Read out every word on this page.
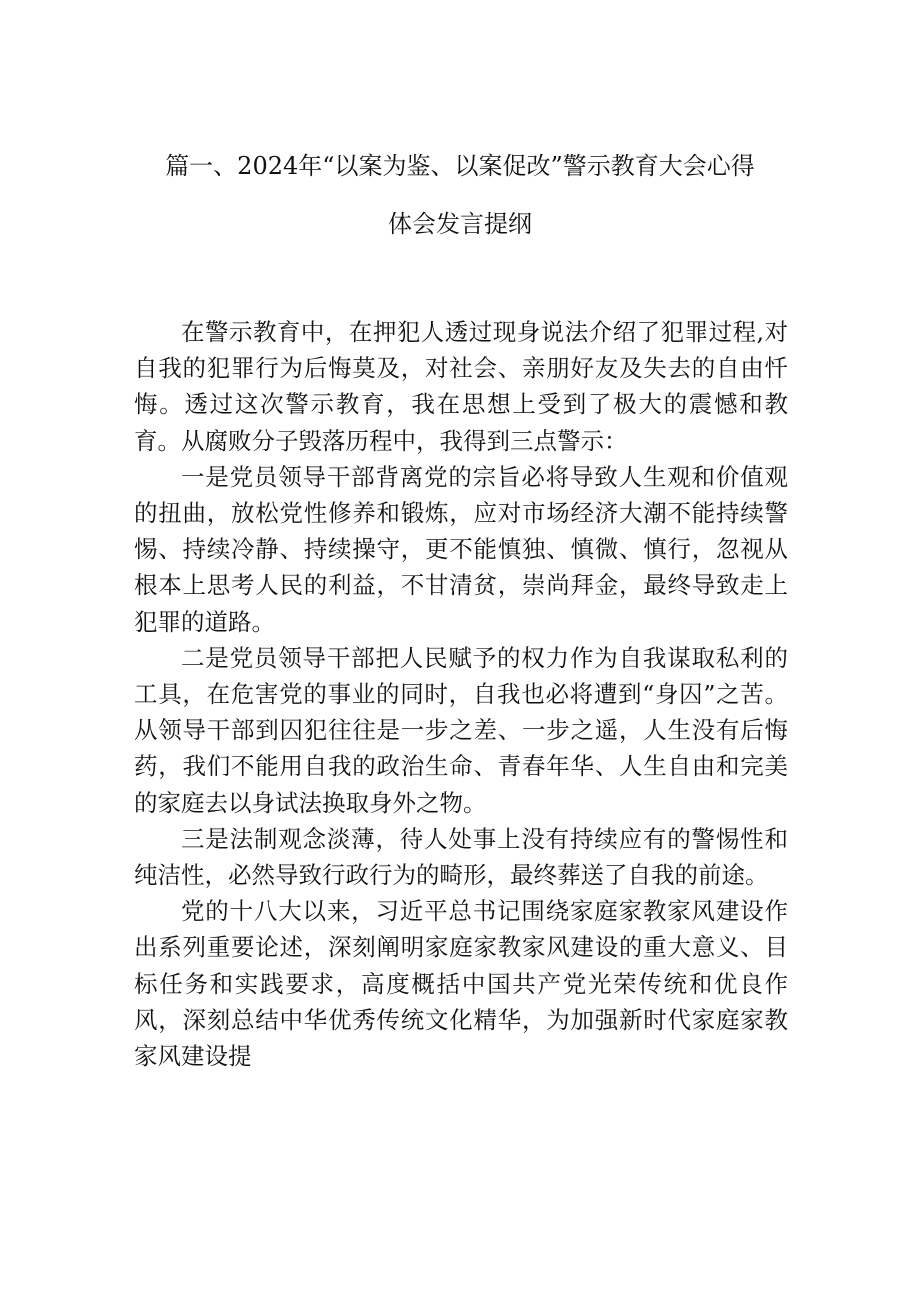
篇一、2024年“以案为鉴、以案促改”警示教育大会心得
体会发言提纲

在警示教育中，在押犯人透过现身说法介绍了犯罪过程,对自我的犯罪行为后悔莫及，对社会、亲朋好友及失去的自由忏悔。透过这次警示教育，我在思想上受到了极大的震憾和教育。从腐败分子毁落历程中，我得到三点警示：

一是党员领导干部背离党的宗旨必将导致人生观和价值观的扭曲，放松党性修养和锻炼，应对市场经济大潮不能持续警惕、持续冷静、持续操守，更不能慎独、慎微、慎行，忽视从根本上思考人民的利益，不甘清贫，崇尚拜金，最终导致走上犯罪的道路。

二是党员领导干部把人民赋予的权力作为自我谋取私利的工具，在危害党的事业的同时，自我也必将遭到“身囚”之苦。从领导干部到囚犯往往是一步之差、一步之遥，人生没有后悔药，我们不能用自我的政治生命、青春年华、人生自由和完美的家庭去以身试法换取身外之物。

三是法制观念淡薄，待人处事上没有持续应有的警惕性和纯洁性，必然导致行政行为的畸形，最终葬送了自我的前途。

党的十八大以来，习近平总书记围绕家庭家教家风建设作出系列重要论述，深刻阐明家庭家教家风建设的重大意义、目标任务和实践要求，高度概括中国共产党光荣传统和优良作风，深刻总结中华优秀传统文化精华，为加强新时代家庭家教家风建设提
